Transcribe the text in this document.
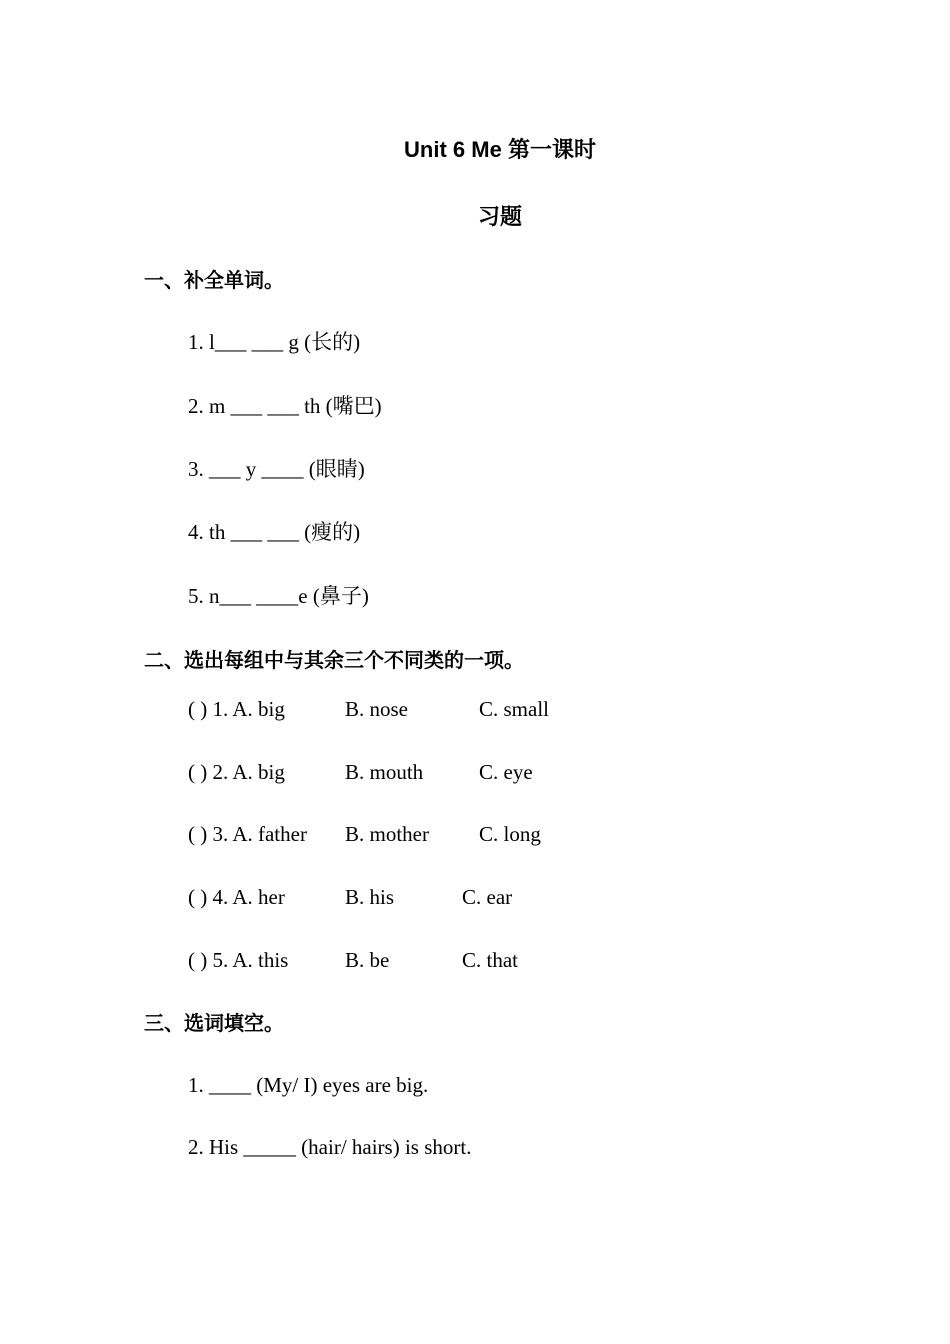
Unit 6 Me 第一课时
习题
一、补全单词。
1. l___ ___ g (长的)
2. m ___ ___ th (嘴巴)
3. ___ y ____ (眼睛)
4. th ___ ___ (瘦的)
5. n___ ____e (鼻子)
二、选出每组中与其余三个不同类的一项。
( ) 1. A. big	B. nose	C. small
( ) 2. A. big	B. mouth	C. eye
( ) 3. A. father B. mother C. long
( ) 4. A. her	B. his	C. ear
( ) 5. A. this	B. be	C. that
三、选词填空。
1. ____ (My/ I) eyes are big.
2. His _____ (hair/ hairs) is short.
